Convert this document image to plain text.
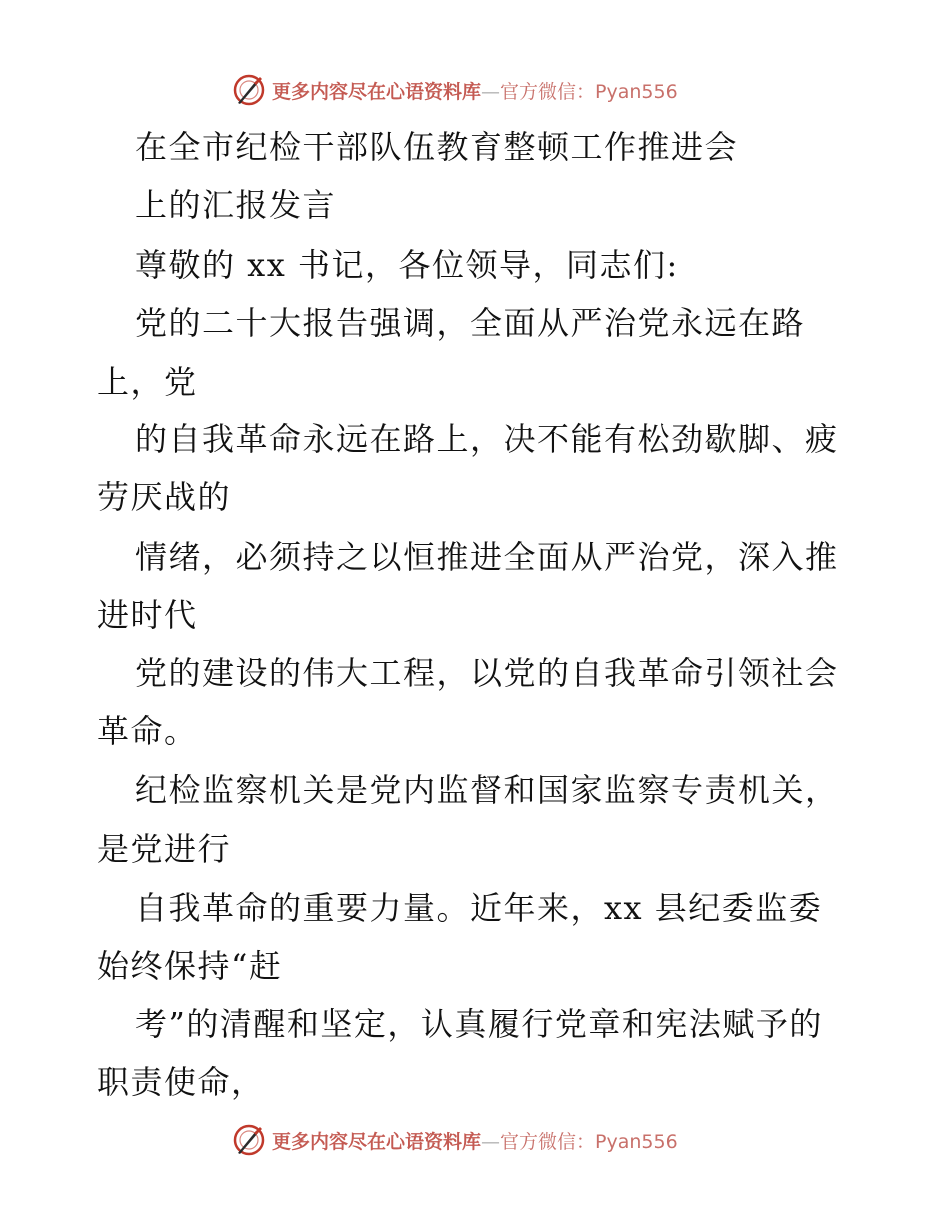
更多内容尽在心语资料库—官方微信：Pyan556
在全市纪检干部队伍教育整顿工作推进会
上的汇报发言
尊敬的 xx 书记，各位领导，同志们:
党的二十大报告强调，全面从严治党永远在路
上，党
的自我革命永远在路上，决不能有松劲歇脚、疲
劳厌战的
情绪，必须持之以恒推进全面从严治党，深入推
进时代
党的建设的伟大工程，以党的自我革命引领社会
革命。
纪检监察机关是党内监督和国家监察专责机关，
是党进行
自我革命的重要力量。近年来，xx 县纪委监委
始终保持“赶
考”的清醒和坚定，认真履行党章和宪法赋予的
职责使命，
更多内容尽在心语资料库—官方微信：Pyan556
